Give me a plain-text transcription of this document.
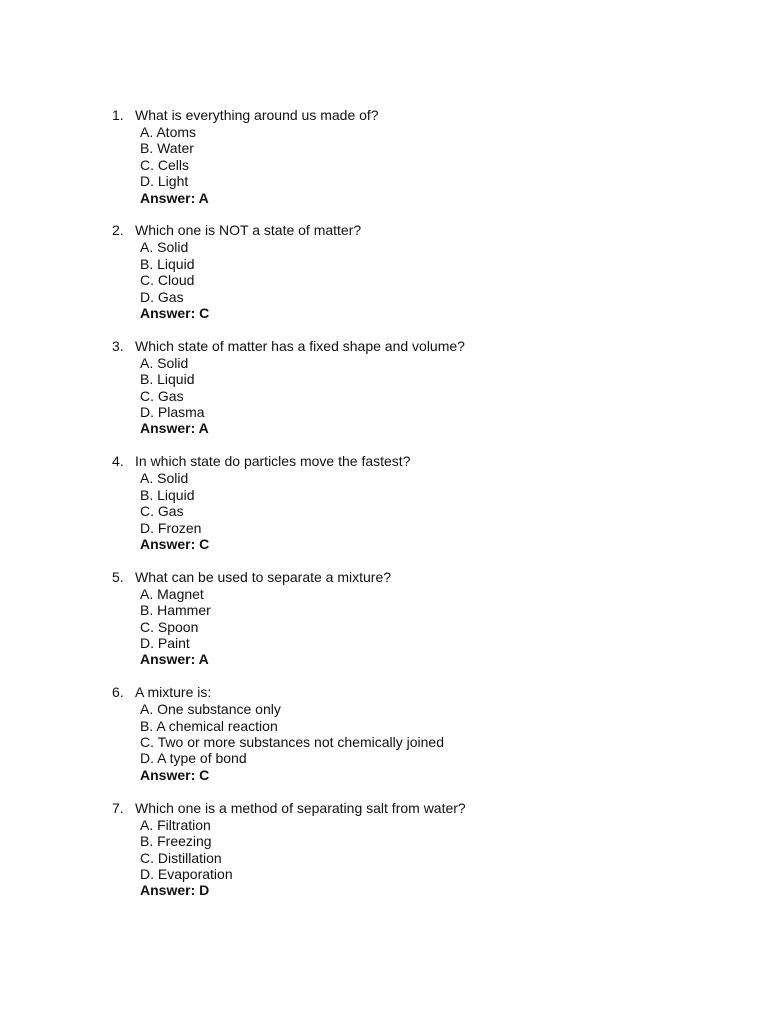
1. What is everything around us made of?
A. Atoms
B. Water
C. Cells
D. Light
Answer: A
2. Which one is NOT a state of matter?
A. Solid
B. Liquid
C. Cloud
D. Gas
Answer: C
3. Which state of matter has a fixed shape and volume?
A. Solid
B. Liquid
C. Gas
D. Plasma
Answer: A
4. In which state do particles move the fastest?
A. Solid
B. Liquid
C. Gas
D. Frozen
Answer: C
5. What can be used to separate a mixture?
A. Magnet
B. Hammer
C. Spoon
D. Paint
Answer: A
6. A mixture is:
A. One substance only
B. A chemical reaction
C. Two or more substances not chemically joined
D. A type of bond
Answer: C
7. Which one is a method of separating salt from water?
A. Filtration
B. Freezing
C. Distillation
D. Evaporation
Answer: D
